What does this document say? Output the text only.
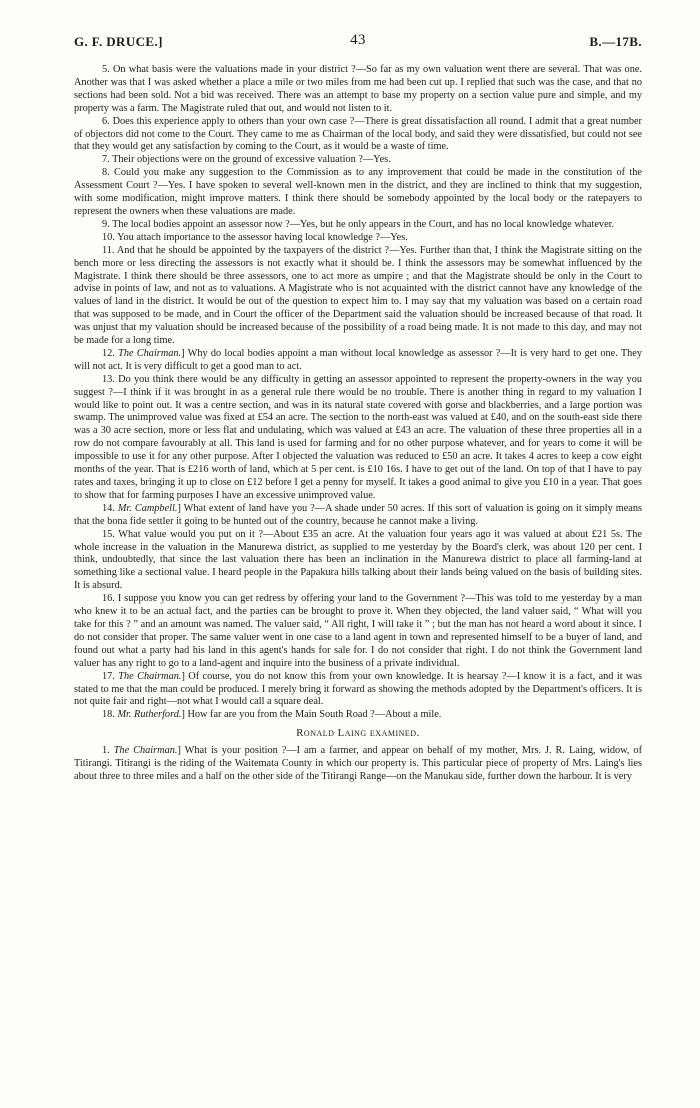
G. F. DRUCE.]	43	B.—17B.

5. On what basis were the valuations made in your district ?—So far as my own valuation went there are several. That was one. Another was that I was asked whether a place a mile or two miles from me had been cut up. I replied that such was the case, and that no sections had been sold. Not a bid was received. There was an attempt to base my property on a section value pure and simple, and my property was a farm. The Magistrate ruled that out, and would not listen to it.

6. Does this experience apply to others than your own case ?—There is great dissatisfaction all round. I admit that a great number of objectors did not come to the Court. They came to me as Chairman of the local body, and said they were dissatisfied, but could not see that they would get any satisfaction by coming to the Court, as it would be a waste of time.

7. Their objections were on the ground of excessive valuation ?—Yes.

8. Could you make any suggestion to the Commission as to any improvement that could be made in the constitution of the Assessment Court ?—Yes. I have spoken to several well-known men in the district, and they are inclined to think that my suggestion, with some modification, might improve matters. I think there should be somebody appointed by the local body or the ratepayers to represent the owners when these valuations are made.

9. The local bodies appoint an assessor now ?—Yes, but he only appears in the Court, and has no local knowledge whatever.

10. You attach importance to the assessor having local knowledge ?—Yes.

11. And that he should be appointed by the taxpayers of the district ?—Yes. Further than that, I think the Magistrate sitting on the bench more or less directing the assessors is not exactly what it should be. I think the assessors may be somewhat influenced by the Magistrate. I think there should be three assessors, one to act more as umpire ; and that the Magistrate should be only in the Court to advise in points of law, and not as to valuations. A Magistrate who is not acquainted with the district cannot have any knowledge of the values of land in the district. It would be out of the question to expect him to. I may say that my valuation was based on a certain road that was supposed to be made, and in Court the officer of the Department said the valuation should be increased because of that road. It was unjust that my valuation should be increased because of the possibility of a road being made. It is not made to this day, and may not be made for a long time.

12. The Chairman.] Why do local bodies appoint a man without local knowledge as assessor ?—It is very hard to get one. They will not act. It is very difficult to get a good man to act.

13. Do you think there would be any difficulty in getting an assessor appointed to represent the property-owners in the way you suggest ?—I think if it was brought in as a general rule there would be no trouble. There is another thing in regard to my valuation I would like to point out. It was a centre section, and was in its natural state covered with gorse and blackberries, and a large portion was swamp. The unimproved value was fixed at £54 an acre. The section to the north-east was valued at £40, and on the south-east side there was a 30 acre section, more or less flat and undulating, which was valued at £43 an acre. The valuation of these three properties all in a row do not compare favourably at all. This land is used for farming and for no other purpose whatever, and for years to come it will be impossible to use it for any other purpose. After I objected the valuation was reduced to £50 an acre. It takes 4 acres to keep a cow eight months of the year. That is £216 worth of land, which at 5 per cent. is £10 16s. I have to get out of the land. On top of that I have to pay rates and taxes, bringing it up to close on £12 before I get a penny for myself. It takes a good animal to give you £10 in a year. That goes to show that for farming purposes I have an excessive unimproved value.

14. Mr. Campbell.] What extent of land have you ?—A shade under 50 acres. If this sort of valuation is going on it simply means that the bona fide settler it going to be hunted out of the country, because he cannot make a living.

15. What value would you put on it ?—About £35 an acre. At the valuation four years ago it was valued at about £21 5s. The whole increase in the valuation in the Manurewa district, as supplied to me yesterday by the Board's clerk, was about 120 per cent. I think, undoubtedly, that since the last valuation there has been an inclination in the Manurewa district to place all farming-land at something like a sectional value. I heard people in the Papakura hills talking about their lands being valued on the basis of building sites. It is absurd.

16. I suppose you know you can get redress by offering your land to the Government ?—This was told to me yesterday by a man who knew it to be an actual fact, and the parties can be brought to prove it. When they objected, the land valuer said, “ What will you take for this ? ” and an amount was named. The valuer said, “ All right, I will take it ” ; but the man has not heard a word about it since. I do not consider that proper. The same valuer went in one case to a land agent in town and represented himself to be a buyer of land, and found out what a party had his land in this agent's hands for sale for. I do not consider that right. I do not think the Government land valuer has any right to go to a land-agent and inquire into the business of a private individual.

17. The Chairman.] Of course, you do not know this from your own knowledge. It is hearsay ?—I know it is a fact, and it was stated to me that the man could be produced. I merely bring it forward as showing the methods adopted by the Department's officers. It is not quite fair and right—not what I would call a square deal.

18. Mr. Rutherford.] How far are you from the Main South Road ?—About a mile.

Ronald Laing examined.

1. The Chairman.] What is your position ?—I am a farmer, and appear on behalf of my mother, Mrs. J. R. Laing, widow, of Titirangi. Titirangi is the riding of the Waitemata County in which our property is. This particular piece of property of Mrs. Laing's lies about three to three miles and a half on the other side of the Titirangi Range—on the Manukau side, further down the harbour. It is very
